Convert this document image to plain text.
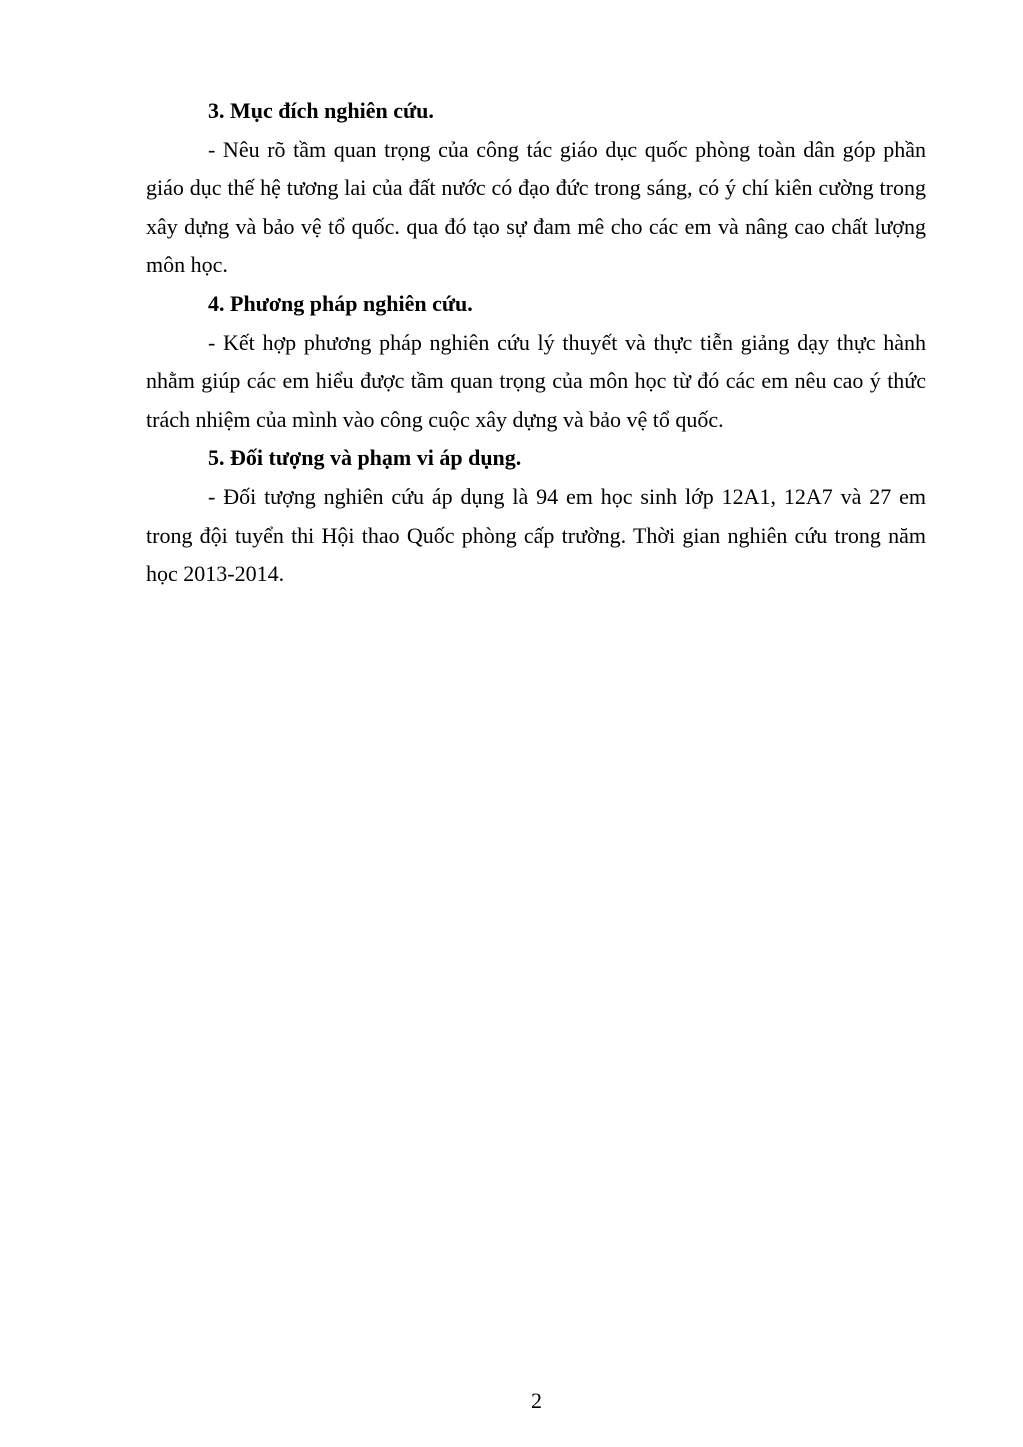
3. Mục đích nghiên cứu.

- Nêu rõ tầm quan trọng của công tác giáo dục quốc phòng toàn dân góp phần giáo dục thế hệ tương lai của đất nước có đạo đức trong sáng, có ý chí kiên cường trong xây dựng và bảo vệ tổ quốc. qua đó tạo sự đam mê cho các em và nâng cao chất lượng môn học.

4. Phương pháp nghiên cứu.

- Kết hợp phương pháp nghiên cứu lý thuyết và thực tiễn giảng dạy thực hành nhằm giúp các em hiểu được tầm quan trọng của môn học từ đó các em nêu cao ý thức trách nhiệm của mình vào công cuộc xây dựng và bảo vệ tổ quốc.

5. Đối tượng và phạm vi áp dụng.

- Đối tượng nghiên cứu áp dụng là 94 em học sinh lớp 12A1, 12A7 và 27 em trong đội tuyển thi Hội thao Quốc phòng cấp trường. Thời gian nghiên cứu trong năm học 2013-2014.

2
